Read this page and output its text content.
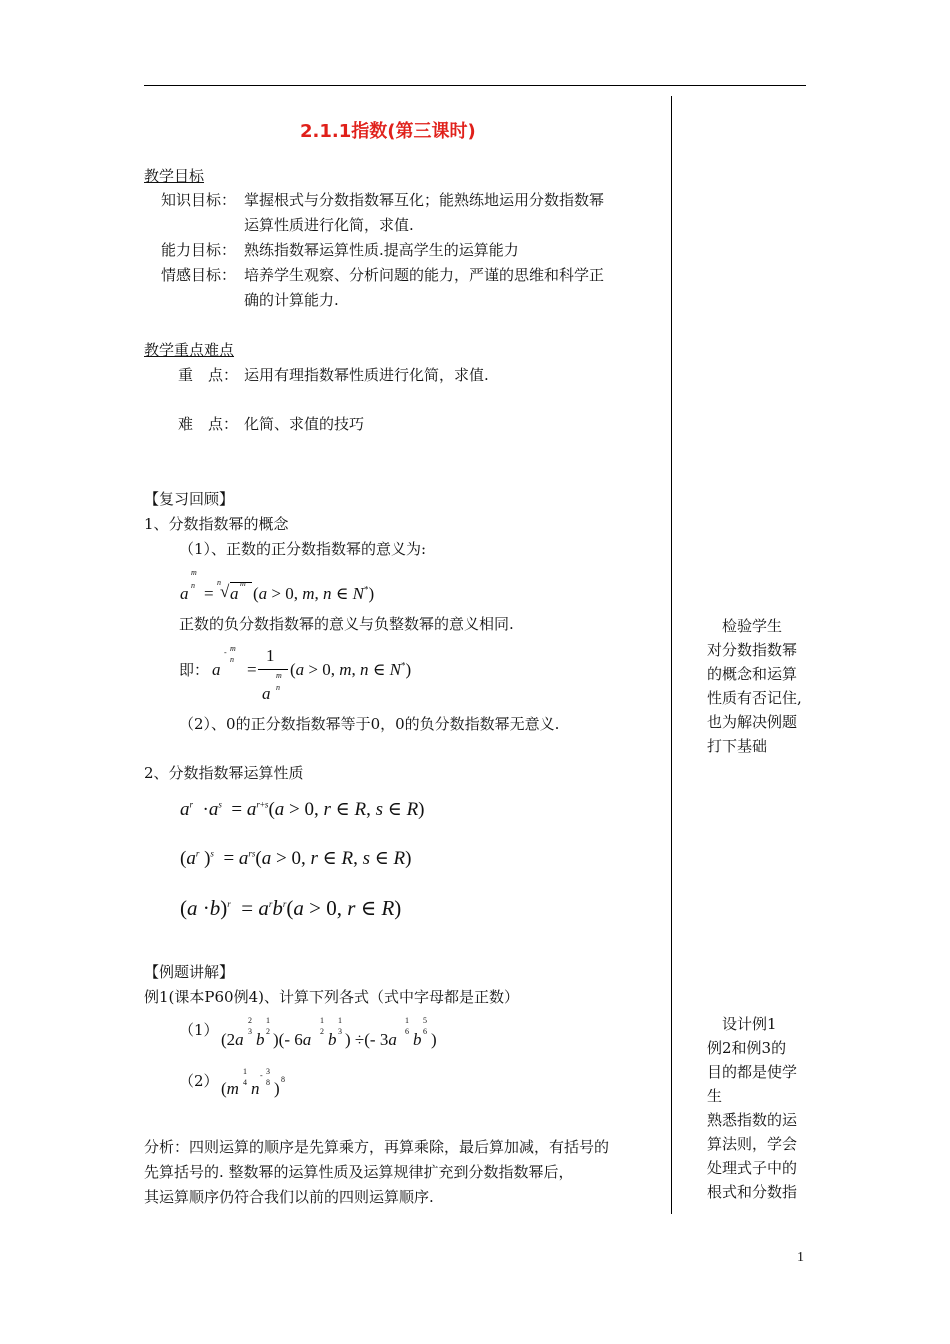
2.1.1指数(第三课时)
教学目标
知识目标： 掌握根式与分数指数幂互化；能熟练地运用分数指数幂
运算性质进行化简，求值.
能力目标： 熟练指数幂运算性质.提高学生的运算能力
情感目标： 培养学生观察、分析问题的能力，严谨的思维和科学正
确的计算能力.
教学重点难点
重　点： 运用有理指数幂性质进行化简，求值.
难　点： 化简、求值的技巧
【复习回顾】
1、分数指数幂的概念
（1）、正数的正分数指数幂的意义为:
m
n
a =
n √ a
m
(a > 0, m, n ∈ N*)
正数的负分数指数幂的意义与负整数幂的意义相同.
即：
- m
n
a =
1
m
n
a
(a > 0, m, n ∈ N*)
（2）、0的正分数指数幂等于0，0的负分数指数幂无意义.
2、分数指数幂运算性质
$a^r \cdot a^s = a^{r+s}(a > 0$, r ∈ R, s ∈ R)
($a^r$ )$^s = a^{rs}(a > 0$, r ∈ R, s ∈ R)
$(a \cdot b)^r = a^rb^r(a > 0$, r ∈ R)
【例题讲解】
例1(课本P60例4)、计算下列各式（式中字母都是正数）
（1） (2a
2
3 b
1
2 )(- 6a
1
2 b
1
3 ) ÷(- 3a
1
6 b
5
6 )
（2） (m
1
4 n
- 3
8 ) 8
分析：四则运算的顺序是先算乘方，再算乘除，最后算加减，有括号的
先算括号的. 整数幂的运算性质及运算规律扩充到分数指数幂后，
其运算顺序仍符合我们以前的四则运算顺序.
　检验学生
对分数指数幂
的概念和运算
性质有否记住,
也为解决例题
打下基础
　设计例1
例2和例3的
目的都是使学
生
熟悉指数的运
算法则，学会
处理式子中的
根式和分数指
1
